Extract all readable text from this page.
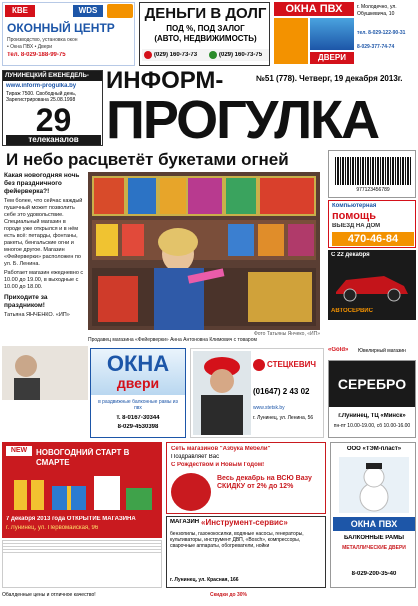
КВЕ	WDS
ОКОННЫЙ ЦЕНТР
Производство, установка окон
• Окна ПВХ • Двери
Тел. 8-029-188-99-75
ДЕНЬГИ В ДОЛГ
ПОД %, ПОД ЗАЛОГ
(АВТО, НЕДВИЖИМОСТЬ)
(029) 160-73-73	(029) 160-73-75
ОКНА ПВХ
ДВЕРИ
г. Молодечно, ул.
Обушкевича, 10
тел. 8-029-122-90-31
8-029-377-74-74
ЛУНИНЕЦКИЙ ЕЖЕНЕДЕЛЬ-
www.inform-progulka.by
Тираж 7500. Свободный день, Зарегистрирована 25.08.1998
29
телеканалов
ИНФОРМ-	№51 (778). Четверг, 19 декабря 2013г.
ПРОГУЛКА
И небо расцветёт букетами огней
Какая новогодняя ночь без праздничного фейерверка?!
Тем более, что сейчас каждый пушечный может позволить себе это удовольствие. Специальный магазин в городе уже открылся и в нём есть всё: петарды, фонтаны, ракеты, бенгальские огни и многое другое. Магазин «Фейерверки» расположен по ул. Б. Ленина.
Работает магазин ежедневно с 10.00 до 19.00, в выходные с 10.00 до 18.00.
Приходите за праздником!
Татьяна ЯНЧЕНКО. «ИП»
Фото Татьяны Янчеко, «ИП»
Продавец магазина «Фейерверки» Анна Антоновна Климович с товаром
977123456789
Компьютерная
помощь
ВЫЕЗД НА ДОМ
470-46-84
С 22 декабря
АВТОСЕРВИС
«Gold»	Ювелирный магазин
ОКНА
двери
в раздвижные балконные рамы из пвх
т. 8-0167-30344
8-029-4530398
СТЕЦКЕВИЧ
(01647) 2 43 02
www.stetsk.by
г. Лунинец, ул. Ленина, 56
СЕРЕБРО
г.Лунинец, ТЦ «Минск»
пн-пт 10.00-19.00, сб 10.00-16.00
NEW	НОВОГОДНИЙ СТАРТ В СМАРТЕ
7 декабря 2013 года ОТКРЫТИЕ МАГАЗИНА
г. Лунинец, ул. Первомайская, 96
Сеть магазинов "Азбука Мебели"
Поздравляет Вас
С Рождеством и Новым Годом!
Весь декабрь на ВСЮ Вазу СКИДКУ от 2% до 12%
МАГАЗИН «Инструмент-сервис»
бензопилы, газонокосилки, водяные насосы, генераторы, культиваторы, инструмент ДВП, «Bosch», компрессоры, сварочные аппараты, обогреватели, нойки
г. Лунинец, ул. Красная, 166
ООО «ТЭМ-пласт»
ОКНА ПВХ
БАЛКОННЫЕ РАМЫ
МЕТАЛЛИЧЕСКИЕ ДВЕРИ
8-029-200-35-40
Обалденные цены и отличное качество!	Скидки до 30%
